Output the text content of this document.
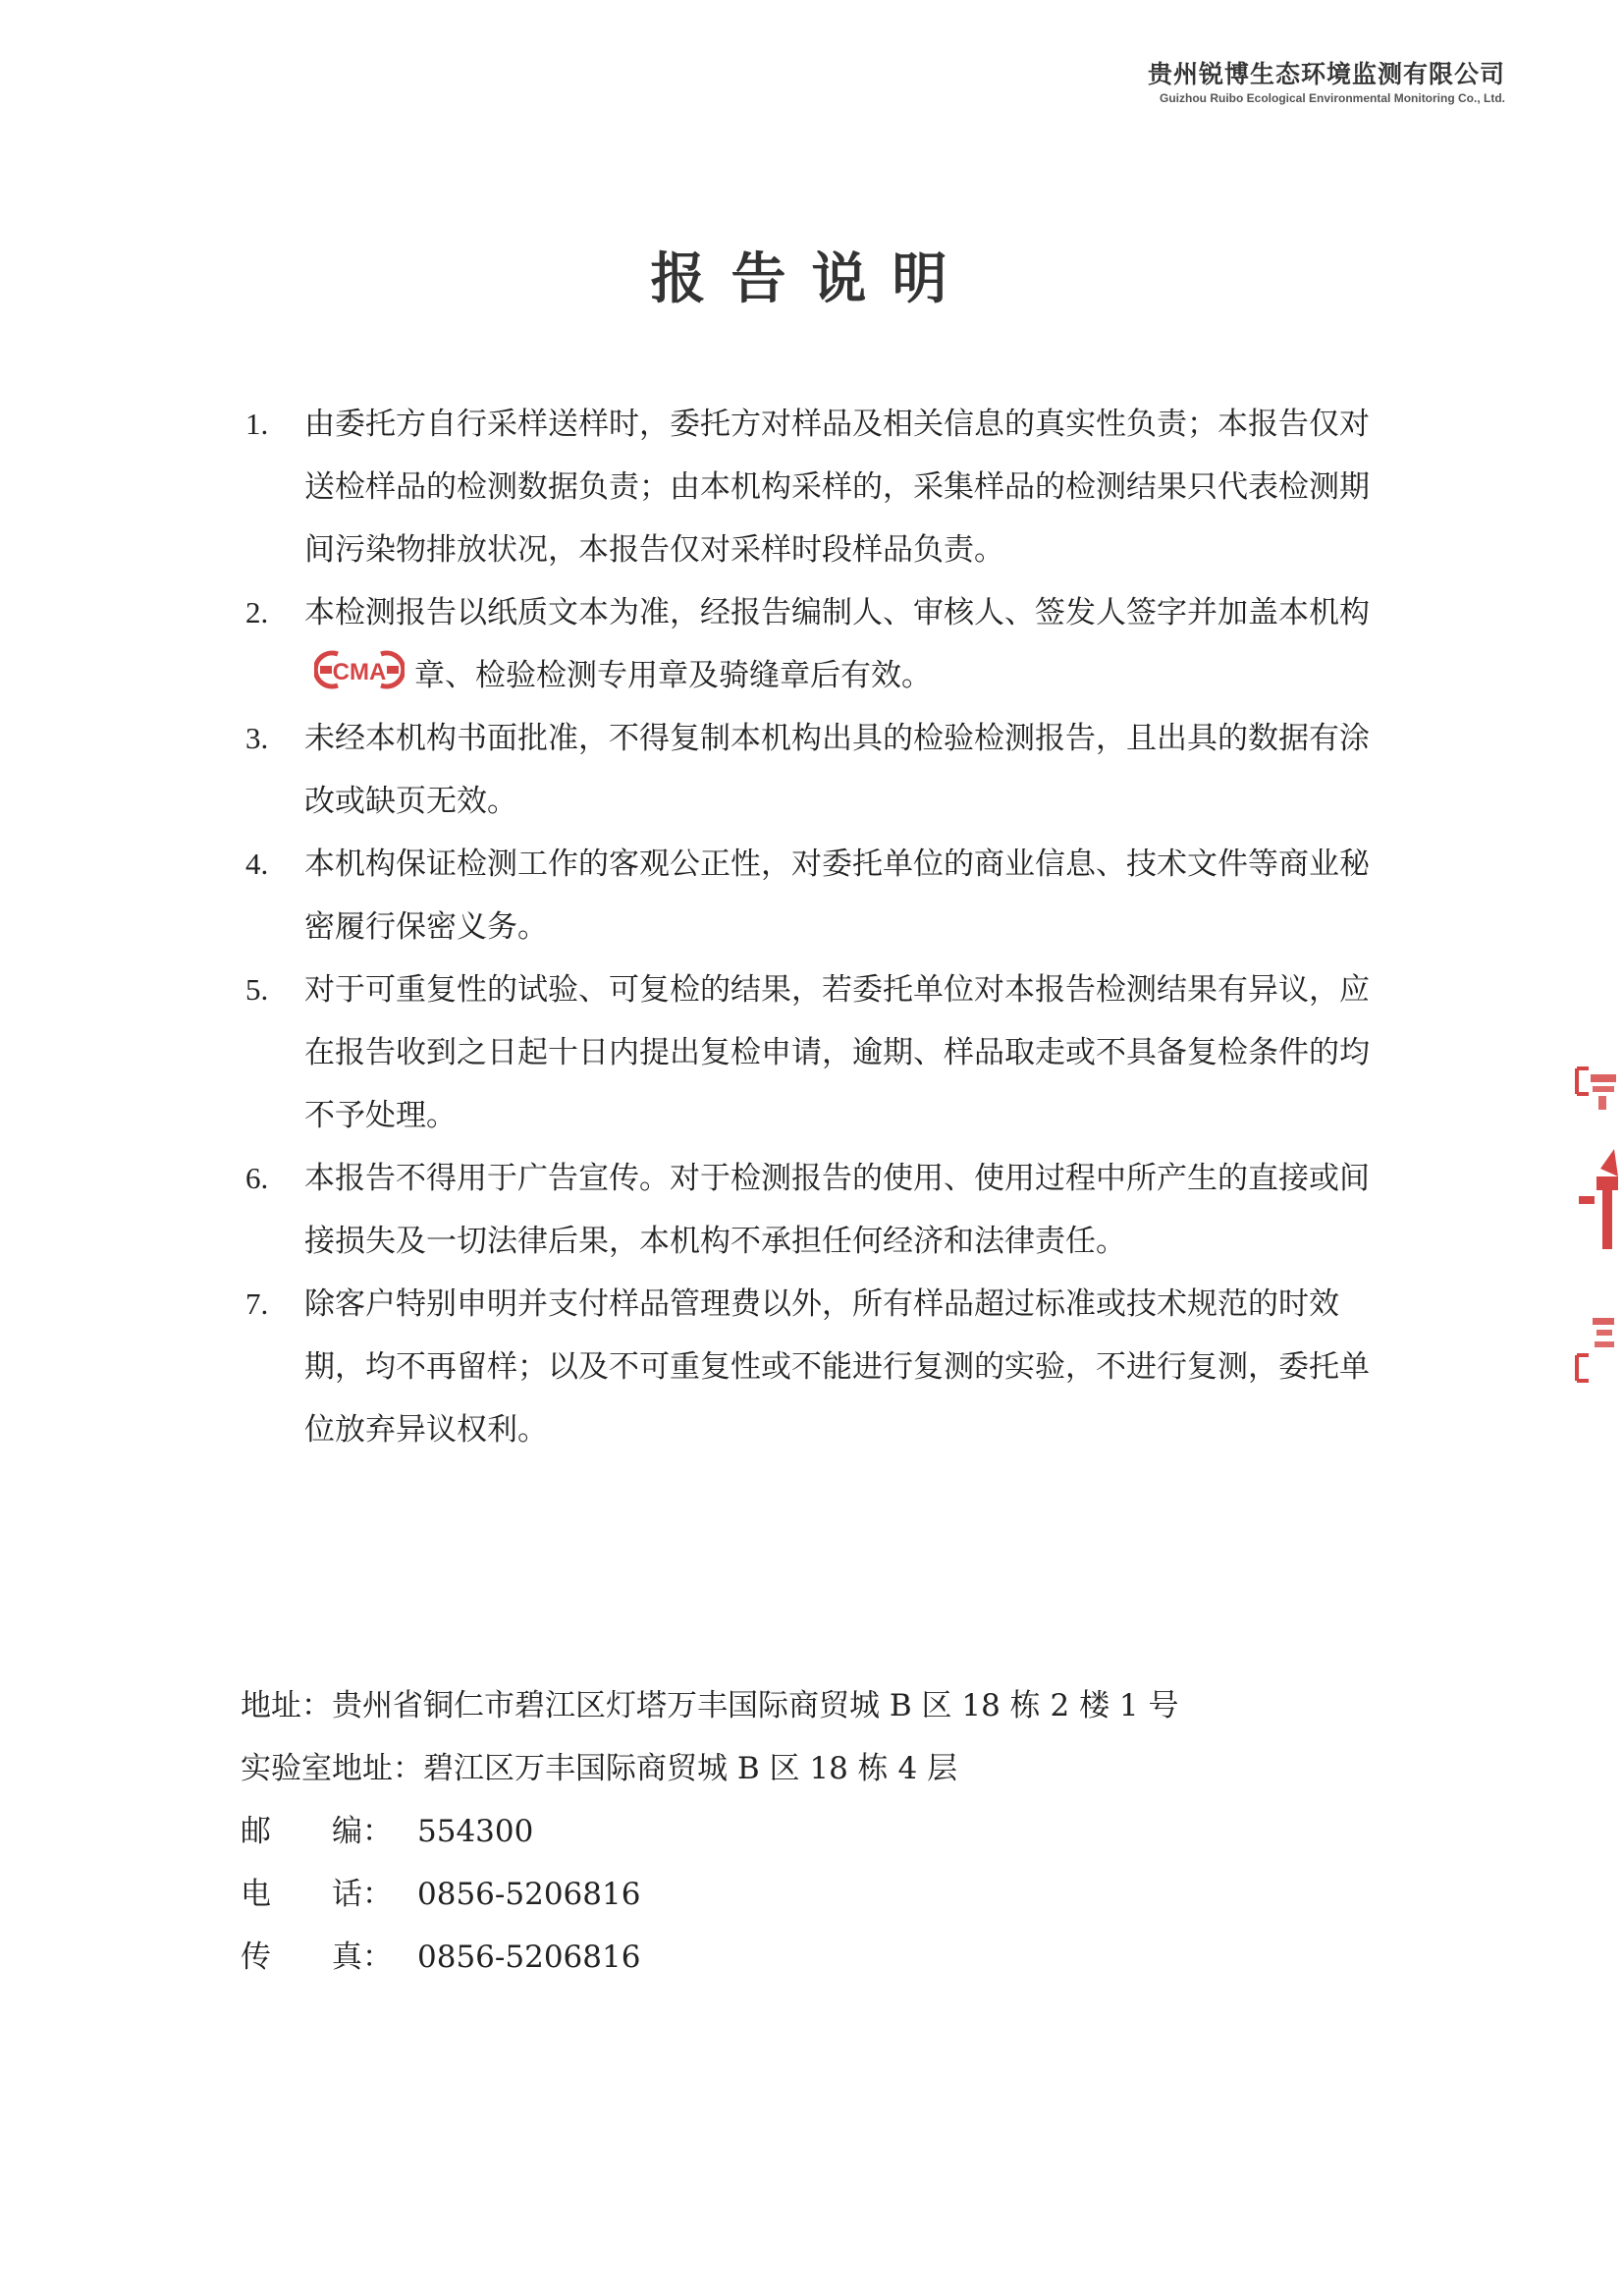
贵州锐博生态环境监测有限公司
Guizhou Ruibo Ecological Environmental Monitoring Co., Ltd.
报告说明
1. 由委托方自行采样送样时，委托方对样品及相关信息的真实性负责；本报告仅对送检样品的检测数据负责；由本机构采样的，采集样品的检测结果只代表检测期间污染物排放状况，本报告仅对采样时段样品负责。
2. 本检测报告以纸质文本为准，经报告编制人、审核人、签发人签字并加盖本机构
CMA 章、检验检测专用章及骑缝章后有效。
3. 未经本机构书面批准，不得复制本机构出具的检验检测报告，且出具的数据有涂改或缺页无效。
4. 本机构保证检测工作的客观公正性，对委托单位的商业信息、技术文件等商业秘密履行保密义务。
5. 对于可重复性的试验、可复检的结果，若委托单位对本报告检测结果有异议，应在报告收到之日起十日内提出复检申请，逾期、样品取走或不具备复检条件的均不予处理。
6. 本报告不得用于广告宣传。对于检测报告的使用、使用过程中所产生的直接或间接损失及一切法律后果，本机构不承担任何经济和法律责任。
7. 除客户特别申明并支付样品管理费以外，所有样品超过标准或技术规范的时效期，均不再留样；以及不可重复性或不能进行复测的实验，不进行复测，委托单位放弃异议权利。
地址：贵州省铜仁市碧江区灯塔万丰国际商贸城 B 区 18 栋 2 楼 1 号
实验室地址：碧江区万丰国际商贸城 B 区 18 栋 4 层
邮　　编： 554300
电　　话： 0856-5206816
传　　真： 0856-5206816
